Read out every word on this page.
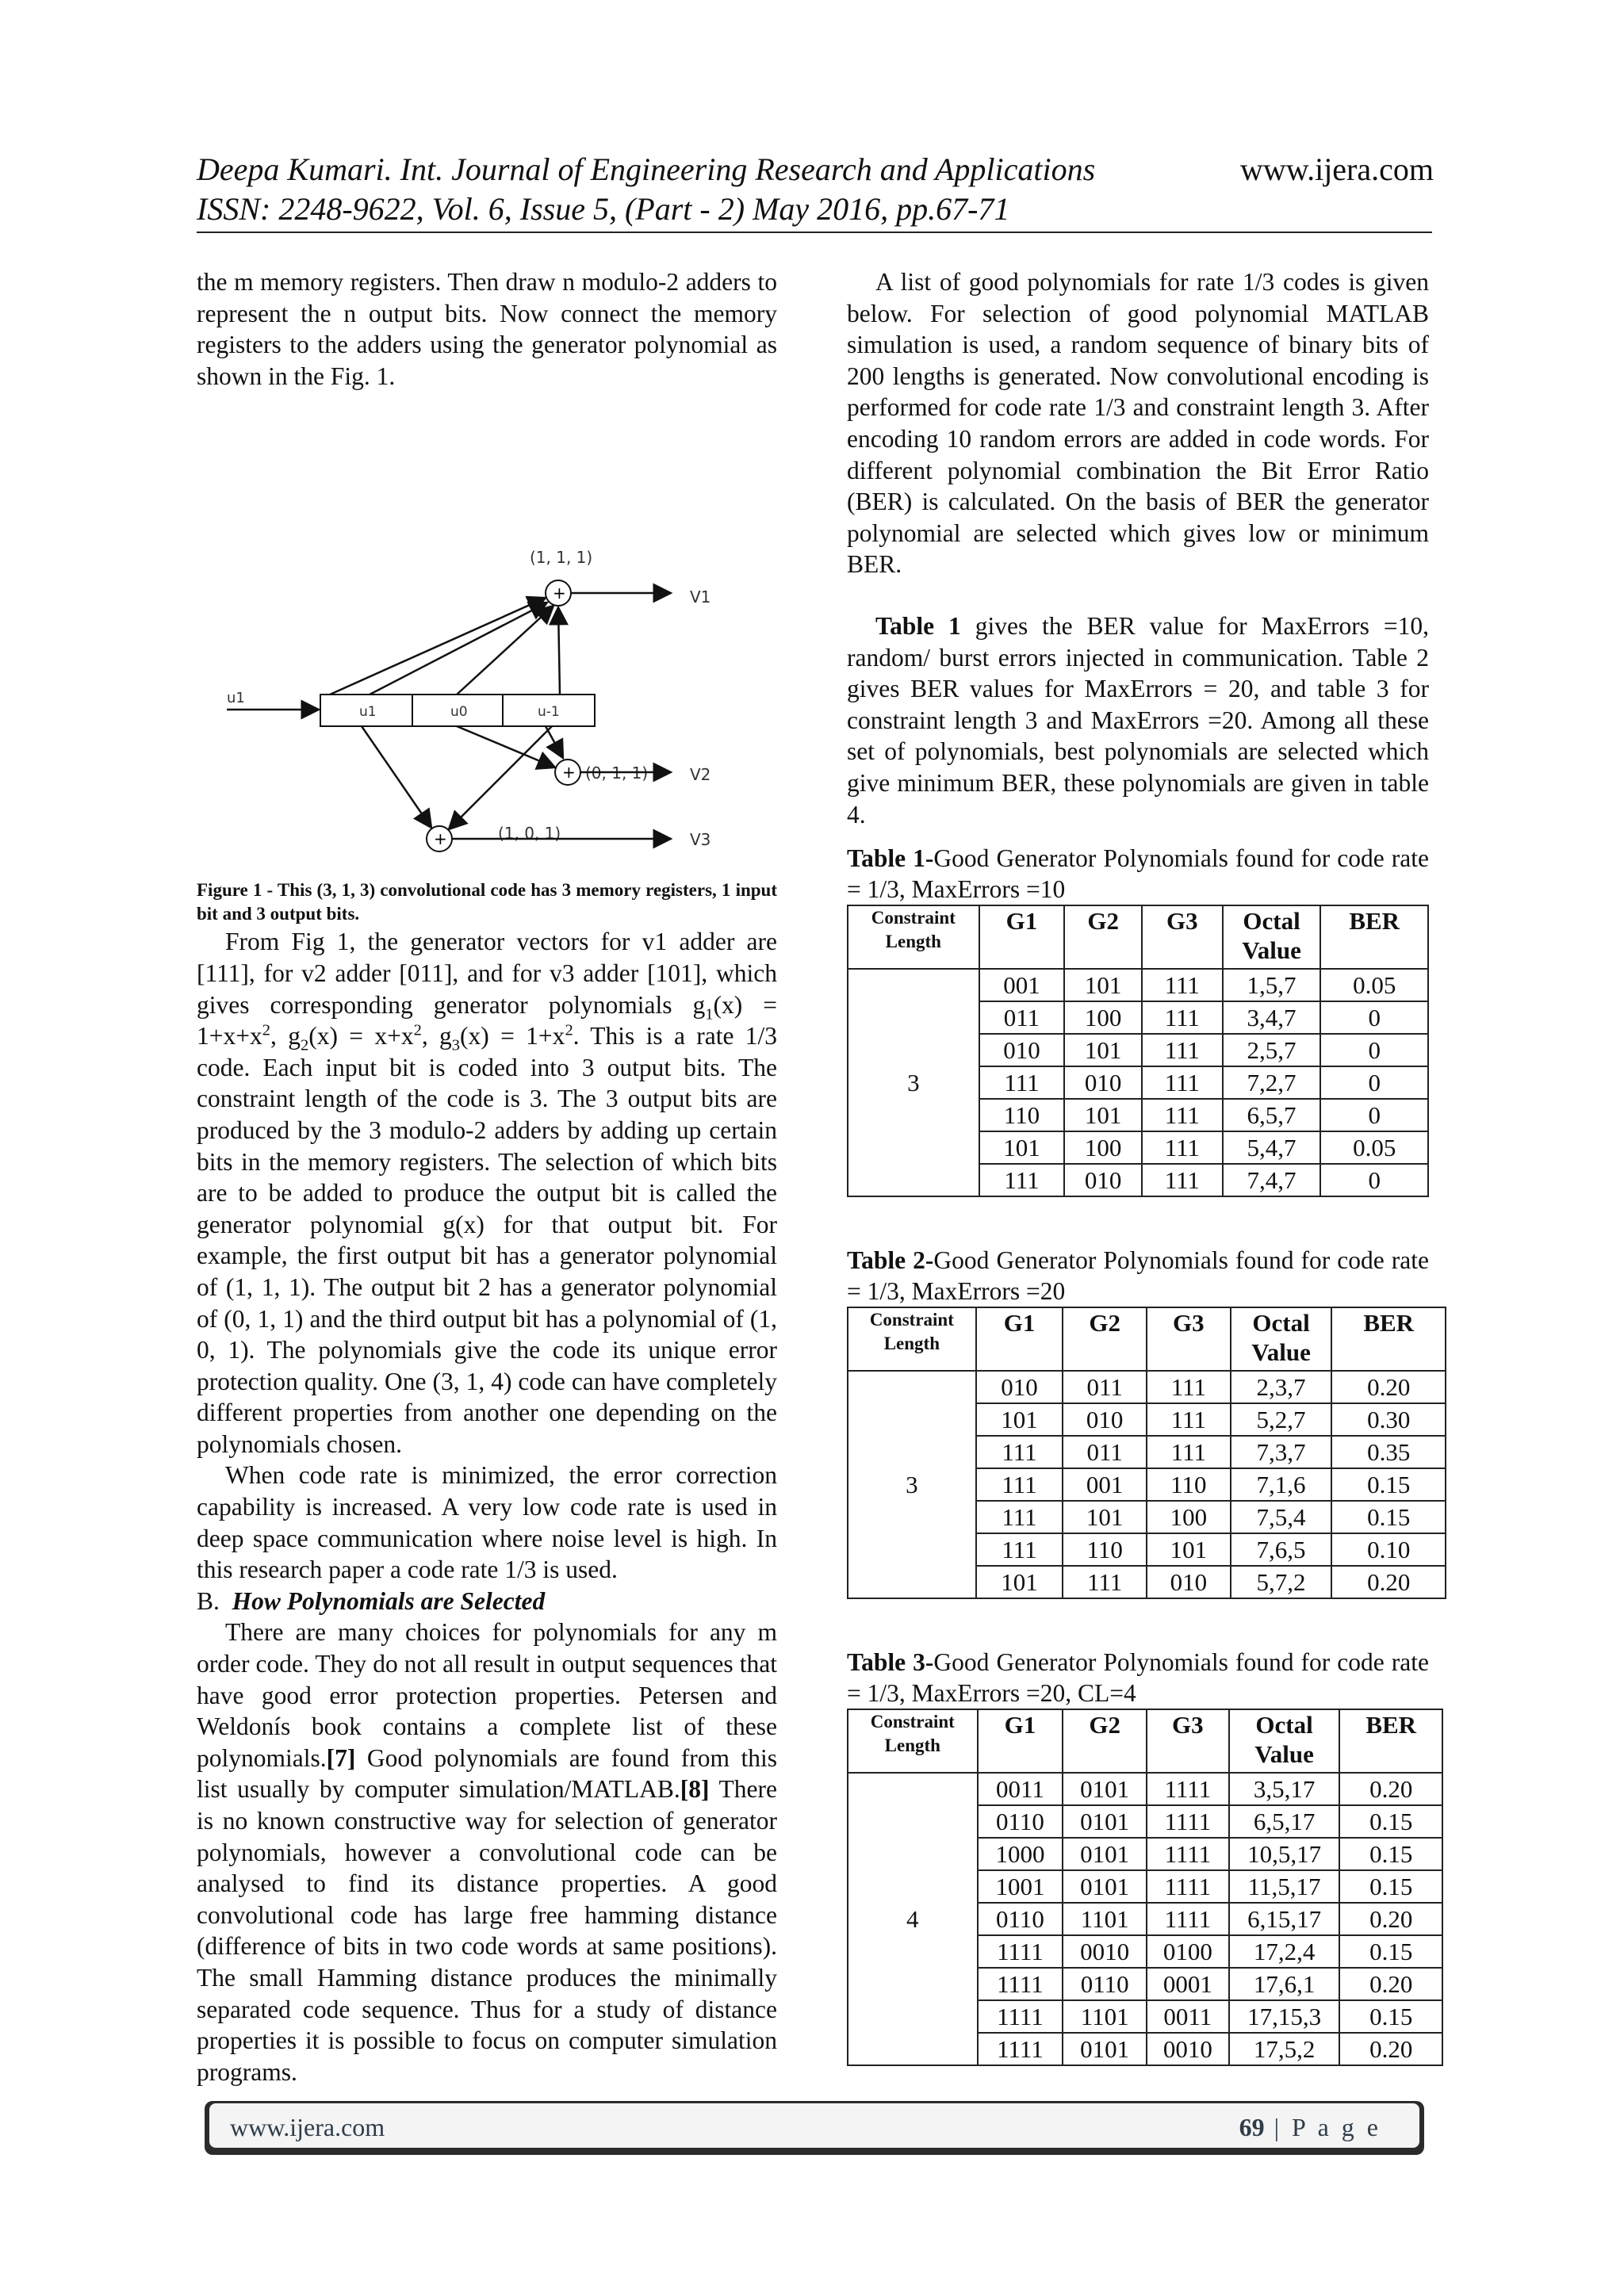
Deepa Kumari. Int. Journal of Engineering Research and Applications	www.ijera.com
ISSN: 2248-9622, Vol. 6, Issue 5, (Part - 2) May 2016, pp.67-71

the m memory registers. Then draw n modulo-2 adders to represent the n output bits. Now connect the memory registers to the adders using the generator polynomial as shown in the Fig. 1.

(1, 1, 1)
(0, 1, 1)
(1, 0, 1)
u1
V1
V2
V3
u1	u0	u-1
+
+
+

Figure 1 - This (3, 1, 3) convolutional code has 3 memory registers, 1 input bit and 3 output bits.

From Fig 1, the generator vectors for v1 adder are [111], for v2 adder [011], and for v3 adder [101], which gives corresponding generator polynomials $g_1(x) = 1+x+x^2$, $g_2(x) = x+x^2$, $g_3(x) = 1+x^2$. This is a rate 1/3 code. Each input bit is coded into 3 output bits. The constraint length of the code is 3. The 3 output bits are produced by the 3 modulo-2 adders by adding up certain bits in the memory registers. The selection of which bits are to be added to produce the output bit is called the generator polynomial g(x) for that output bit. For example, the first output bit has a generator polynomial of (1, 1, 1). The output bit 2 has a generator polynomial of (0, 1, 1) and the third output bit has a polynomial of (1, 0, 1). The polynomials give the code its unique error protection quality. One (3, 1, 4) code can have completely different properties from another one depending on the polynomials chosen.

When code rate is minimized, the error correction capability is increased. A very low code rate is used in deep space communication where noise level is high. In this research paper a code rate 1/3 is used.

B. How Polynomials are Selected

There are many choices for polynomials for any m order code. They do not all result in output sequences that have good error protection properties. Petersen and Weldonís book contains a complete list of these polynomials.[7] Good polynomials are found from this list usually by computer simulation/MATLAB.[8] There is no known constructive way for selection of generator polynomials, however a convolutional code can be analysed to find its distance properties. A good convolutional code has large free hamming distance (difference of bits in two code words at same positions). The small Hamming distance produces the minimally separated code sequence. Thus for a study of distance properties it is possible to focus on computer simulation programs.

A list of good polynomials for rate 1/3 codes is given below. For selection of good polynomial MATLAB simulation is used, a random sequence of binary bits of 200 lengths is generated. Now convolutional encoding is performed for code rate 1/3 and constraint length 3. After encoding 10 random errors are added in code words. For different polynomial combination the Bit Error Ratio (BER) is calculated. On the basis of BER the generator polynomial are selected which gives low or minimum BER.

Table 1 gives the BER value for MaxErrors =10, random/ burst errors injected in communication. Table 2 gives BER values for MaxErrors = 20, and table 3 for constraint length 3 and MaxErrors =20. Among all these set of polynomials, best polynomials are selected which give minimum BER, these polynomials are given in table 4.

Table 1-Good Generator Polynomials found for code rate = 1/3, MaxErrors =10

Constraint
Length	G1	G2	G3	Octal
Value	BER
3	001	101	111	1,5,7	0.05
	011	100	111	3,4,7	0
	010	101	111	2,5,7	0
	111	010	111	7,2,7	0
	110	101	111	6,5,7	0
	101	100	111	5,4,7	0.05
	111	010	111	7,4,7	0

Table 2-Good Generator Polynomials found for code rate = 1/3, MaxErrors =20

Constraint
Length	G1	G2	G3	Octal
Value	BER
3	010	011	111	2,3,7	0.20
	101	010	111	5,2,7	0.30
	111	011	111	7,3,7	0.35
	111	001	110	7,1,6	0.15
	111	101	100	7,5,4	0.15
	111	110	101	7,6,5	0.10
	101	111	010	5,7,2	0.20

Table 3-Good Generator Polynomials found for code rate = 1/3, MaxErrors =20, CL=4

Constraint
Length	G1	G2	G3	Octal
Value	BER
4	0011	0101	1111	3,5,17	0.20
	0110	0101	1111	6,5,17	0.15
	1000	0101	1111	10,5,17	0.15
	1001	0101	1111	11,5,17	0.15
	0110	1101	1111	6,15,17	0.20
	1111	0010	0100	17,2,4	0.15
	1111	0110	0001	17,6,1	0.20
	1111	1101	0011	17,15,3	0.15
	1111	0101	0010	17,5,2	0.20
www.ijera.com	69 | P a g e
